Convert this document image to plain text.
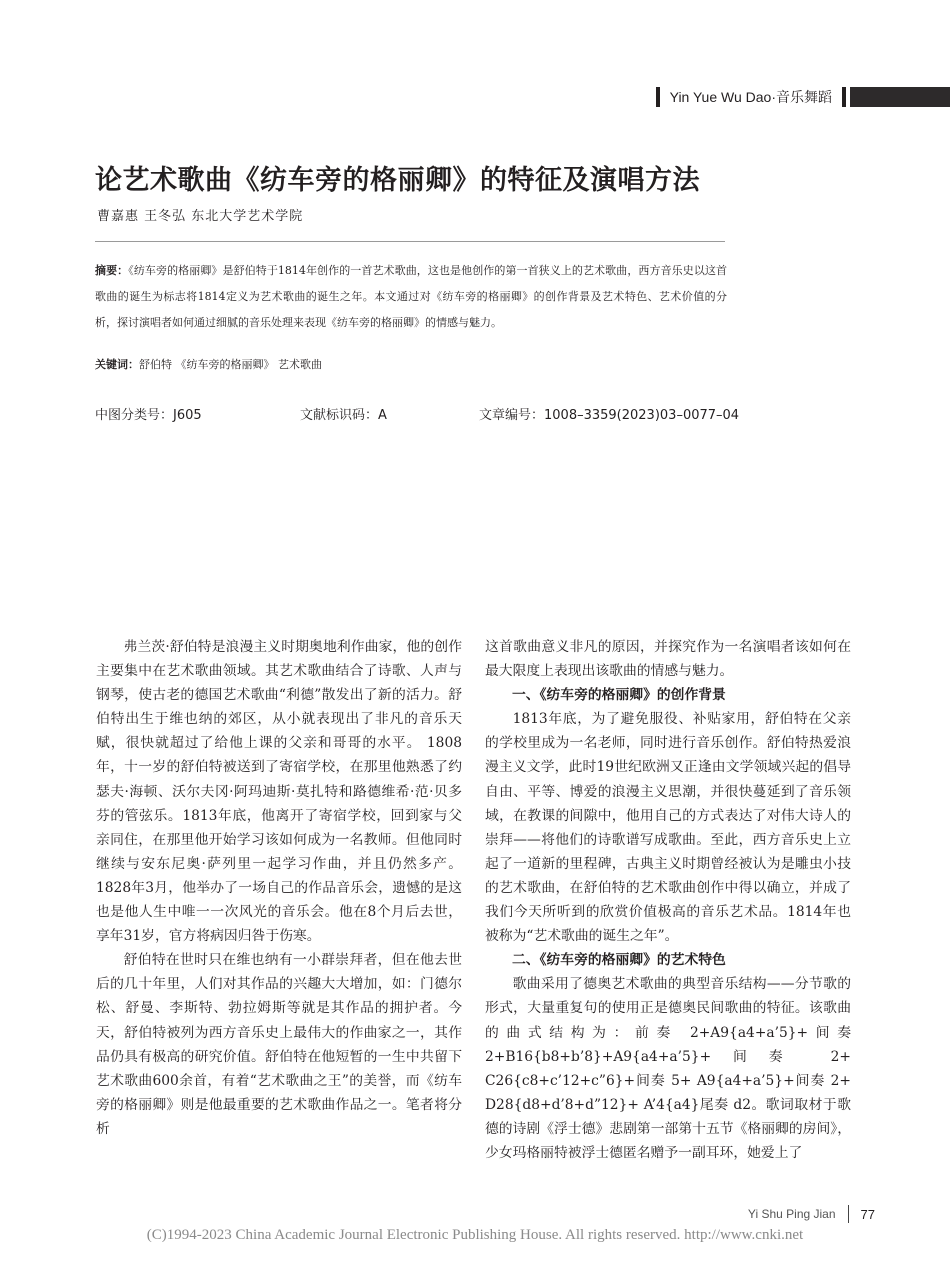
Yin Yue Wu Dao·音乐舞蹈
论艺术歌曲《纺车旁的格丽卿》的特征及演唱方法
曹嘉惠 王冬弘 东北大学艺术学院
摘要：《纺车旁的格丽卿》是舒伯特于1814年创作的一首艺术歌曲，这也是他创作的第一首狭义上的艺术歌曲，西方音乐史以这首歌曲的诞生为标志将1814定义为艺术歌曲的诞生之年。本文通过对《纺车旁的格丽卿》的创作背景及艺术特色、艺术价值的分析，探讨演唱者如何通过细腻的音乐处理来表现《纺车旁的格丽卿》的情感与魅力。
关键词：舒伯特 《纺车旁的格丽卿》 艺术歌曲
中图分类号：J605	文献标识码：A	文章编号：1008–3359(2023)03–0077–04

弗兰茨·舒伯特是浪漫主义时期奥地利作曲家，他的创作主要集中在艺术歌曲领域。其艺术歌曲结合了诗歌、人声与钢琴，使古老的德国艺术歌曲“利德”散发出了新的活力。舒伯特出生于维也纳的郊区，从小就表现出了非凡的音乐天赋，很快就超过了给他上课的父亲和哥哥的水平。 1808年，十一岁的舒伯特被送到了寄宿学校，在那里他熟悉了约瑟夫·海顿、沃尔夫冈·阿玛迪斯·莫扎特和路德维希·范·贝多芬的管弦乐。1813年底，他离开了寄宿学校，回到家与父亲同住，在那里他开始学习该如何成为一名教师。但他同时继续与安东尼奥·萨列里一起学习作曲，并且仍然多产。1828年3月，他举办了一场自己的作品音乐会，遗憾的是这也是他人生中唯一一次风光的音乐会。他在8个月后去世，享年31岁，官方将病因归咎于伤寒。

舒伯特在世时只在维也纳有一小群崇拜者，但在他去世后的几十年里，人们对其作品的兴趣大大增加，如：门德尔松、舒曼、李斯特、勃拉姆斯等就是其作品的拥护者。今天，舒伯特被列为西方音乐史上最伟大的作曲家之一，其作品仍具有极高的研究价值。舒伯特在他短暂的一生中共留下艺术歌曲600余首，有着“艺术歌曲之王”的美誉，而《纺车旁的格丽卿》则是他最重要的艺术歌曲作品之一。笔者将分析

这首歌曲意义非凡的原因，并探究作为一名演唱者该如何在最大限度上表现出该歌曲的情感与魅力。

一、《纺车旁的格丽卿》的创作背景

1813年底，为了避免服役、补贴家用，舒伯特在父亲的学校里成为一名老师，同时进行音乐创作。舒伯特热爱浪漫主义文学，此时19世纪欧洲又正逢由文学领域兴起的倡导自由、平等、博爱的浪漫主义思潮，并很快蔓延到了音乐领域，在教课的间隙中，他用自己的方式表达了对伟大诗人的崇拜——将他们的诗歌谱写成歌曲。至此，西方音乐史上立起了一道新的里程碑，古典主义时期曾经被认为是雕虫小技的艺术歌曲，在舒伯特的艺术歌曲创作中得以确立，并成了我们今天所听到的欣赏价值极高的音乐艺术品。1814年也被称为“艺术歌曲的诞生之年”。

二、《纺车旁的格丽卿》的艺术特色

歌曲采用了德奥艺术歌曲的典型音乐结构——分节歌的形式，大量重复句的使用正是德奥民间歌曲的特征。该歌曲的曲式结构为：前奏 2+A9{a4+a’5}+间奏 2+B16{b8+b’8}+A9{a4+a’5}+间奏 2+ C26{c8+c’12+c”6}+间奏 5+ A9{a4+a’5}+间奏 2+ D28{d8+d’8+d”12}+ A’4{a4}尾奏 d2。歌词取材于歌德的诗剧《浮士德》悲剧第一部第十五节《格丽卿的房间》，少女玛格丽特被浮士德匿名赠予一副耳环，她爱上了

Yi Shu Ping Jian 77
(C)1994-2023 China Academic Journal Electronic Publishing House. All rights reserved. http://www.cnki.net
